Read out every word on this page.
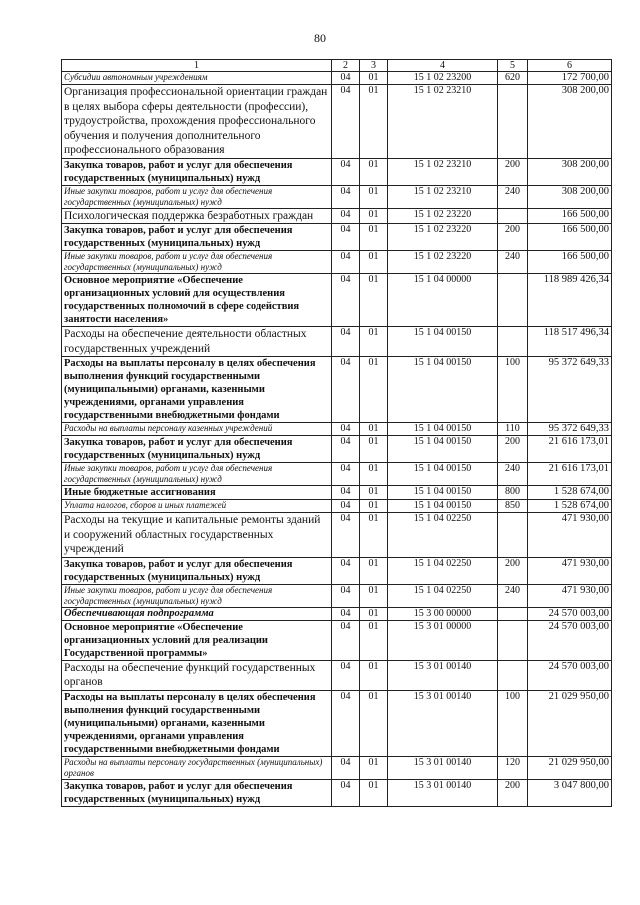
80
1	2	3	4	5	6
Субсидии автономным учреждениям	04	01	15 1 02 23200	620	172 700,00
Организация профессиональной ориентации граждан в целях выбора сферы деятельности (профессии), трудоустройства, прохождения профессионального обучения и получения дополнительного профессионального образования	04	01	15 1 02 23210		308 200,00
Закупка товаров, работ и услуг для обеспечения государственных (муниципальных) нужд	04	01	15 1 02 23210	200	308 200,00
Иные закупки товаров, работ и услуг для обеспечения государственных (муниципальных) нужд	04	01	15 1 02 23210	240	308 200,00
Психологическая поддержка безработных граждан	04	01	15 1 02 23220		166 500,00
Закупка товаров, работ и услуг для обеспечения государственных (муниципальных) нужд	04	01	15 1 02 23220	200	166 500,00
Иные закупки товаров, работ и услуг для обеспечения государственных (муниципальных) нужд	04	01	15 1 02 23220	240	166 500,00
Основное мероприятие «Обеспечение организационных условий для осуществления государственных полномочий в сфере содействия занятости населения»	04	01	15 1 04 00000		118 989 426,34
Расходы на обеспечение деятельности областных государственных учреждений	04	01	15 1 04 00150		118 517 496,34
Расходы на выплаты персоналу в целях обеспечения выполнения функций государственными (муниципальными) органами, казенными учреждениями, органами управления государственными внебюджетными фондами	04	01	15 1 04 00150	100	95 372 649,33
Расходы на выплаты персоналу казенных учреждений	04	01	15 1 04 00150	110	95 372 649,33
Закупка товаров, работ и услуг для обеспечения государственных (муниципальных) нужд	04	01	15 1 04 00150	200	21 616 173,01
Иные закупки товаров, работ и услуг для обеспечения государственных (муниципальных) нужд	04	01	15 1 04 00150	240	21 616 173,01
Иные бюджетные ассигнования	04	01	15 1 04 00150	800	1 528 674,00
Уплата налогов, сборов и иных платежей	04	01	15 1 04 00150	850	1 528 674,00
Расходы на текущие и капитальные ремонты зданий и сооружений областных государственных учреждений	04	01	15 1 04 02250		471 930,00
Закупка товаров, работ и услуг для обеспечения государственных (муниципальных) нужд	04	01	15 1 04 02250	200	471 930,00
Иные закупки товаров, работ и услуг для обеспечения государственных (муниципальных) нужд	04	01	15 1 04 02250	240	471 930,00
Обеспечивающая подпрограмма	04	01	15 3 00 00000		24 570 003,00
Основное мероприятие «Обеспечение организационных условий для реализации Государственной программы»	04	01	15 3 01 00000		24 570 003,00
Расходы на обеспечение функций государственных органов	04	01	15 3 01 00140		24 570 003,00
Расходы на выплаты персоналу в целях обеспечения выполнения функций государственными (муниципальными) органами, казенными учреждениями, органами управления государственными внебюджетными фондами	04	01	15 3 01 00140	100	21 029 950,00
Расходы на выплаты персоналу государственных (муниципальных) органов	04	01	15 3 01 00140	120	21 029 950,00
Закупка товаров, работ и услуг для обеспечения государственных (муниципальных) нужд	04	01	15 3 01 00140	200	3 047 800,00
